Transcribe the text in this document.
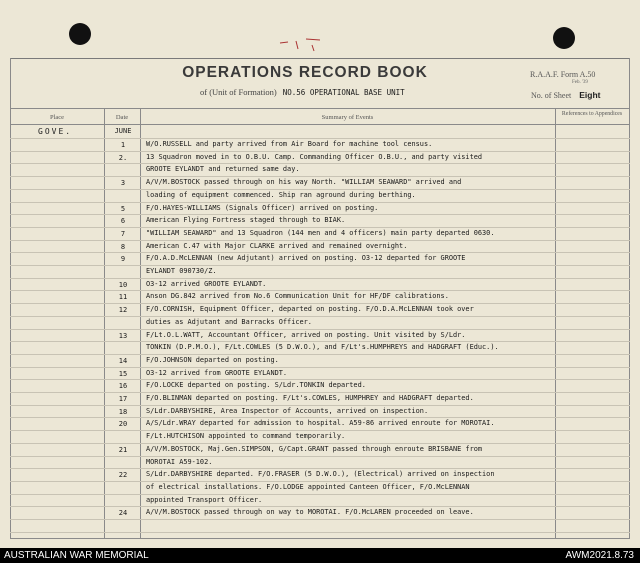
OPERATIONS RECORD BOOK
of (Unit of Formation) NO.56 OPERATIONAL BASE UNIT
R.A.A.F. Form A.50
Feb. '39
No. of Sheet Eight
Place	Date	Summary of Events	References to Appendices
GOVE.	JUNE
1	W/O.RUSSELL and party arrived from Air Board for machine tool census.
2.	13 Squadron moved in to O.B.U. Camp. Commanding Officer O.B.U., and party visited
GROOTE EYLANDT and returned same day.
3	A/V/M.BOSTOCK passed through on his way North. "WILLIAM SEAWARD" arrived and
loading of equipment commenced. Ship ran aground during berthing.
5	F/O.HAYES-WILLIAMS (Signals Officer) arrived on posting.
6	American Flying Fortress staged through to BIAK.
7	"WILLIAM SEAWARD" and 13 Squadron (144 men and 4 officers) main party departed 0630.
8	American C.47 with Major CLARKE arrived and remained overnight.
9	F/O.A.D.McLENNAN (new Adjutant) arrived on posting. O3-12 departed for GROOTE
EYLANDT 090730/Z.
10	O3-12 arrived GROOTE EYLANDT.
11	Anson DG.842 arrived from No.6 Communication Unit for HF/DF calibrations.
12	F/O.CORNISH, Equipment Officer, departed on posting. F/O.D.A.McLENNAN took over
duties as Adjutant and Barracks Officer.
13	F/Lt.O.L.WATT, Accountant Officer, arrived on posting. Unit visited by S/Ldr.
TONKIN (D.P.M.O.), F/Lt.COWLES (5 D.W.O.), and F/Lt's.HUMPHREYS and HADGRAFT (Educ.).
14	F/O.JOHNSON departed on posting.
15	O3-12 arrived from GROOTE EYLANDT.
16	F/O.LOCKE departed on posting. S/Ldr.TONKIN departed.
17	F/O.BLINMAN departed on posting. F/Lt's.COWLES, HUMPHREY and HADGRAFT departed.
18	S/Ldr.DARBYSHIRE, Area Inspector of Accounts, arrived on inspection.
20	A/S/Ldr.WRAY departed for admission to hospital. A59-86 arrived enroute for MOROTAI.
F/Lt.HUTCHISON appointed to command temporarily.
21	A/V/M.BOSTOCK, Maj.Gen.SIMPSON, G/Capt.GRANT passed through enroute BRISBANE from
MOROTAI A59-102.
22	S/Ldr.DARBYSHIRE departed. F/O.FRASER (5 D.W.O.), (Electrical) arrived on inspection
of electrical installations. F/O.LODGE appointed Canteen Officer, F/O.McLENNAN
appointed Transport Officer.
24	A/V/M.BOSTOCK passed through on way to MOROTAI. F/O.McLAREN proceeded on leave.
AUSTRALIAN WAR MEMORIAL	AWM2021.8.73
